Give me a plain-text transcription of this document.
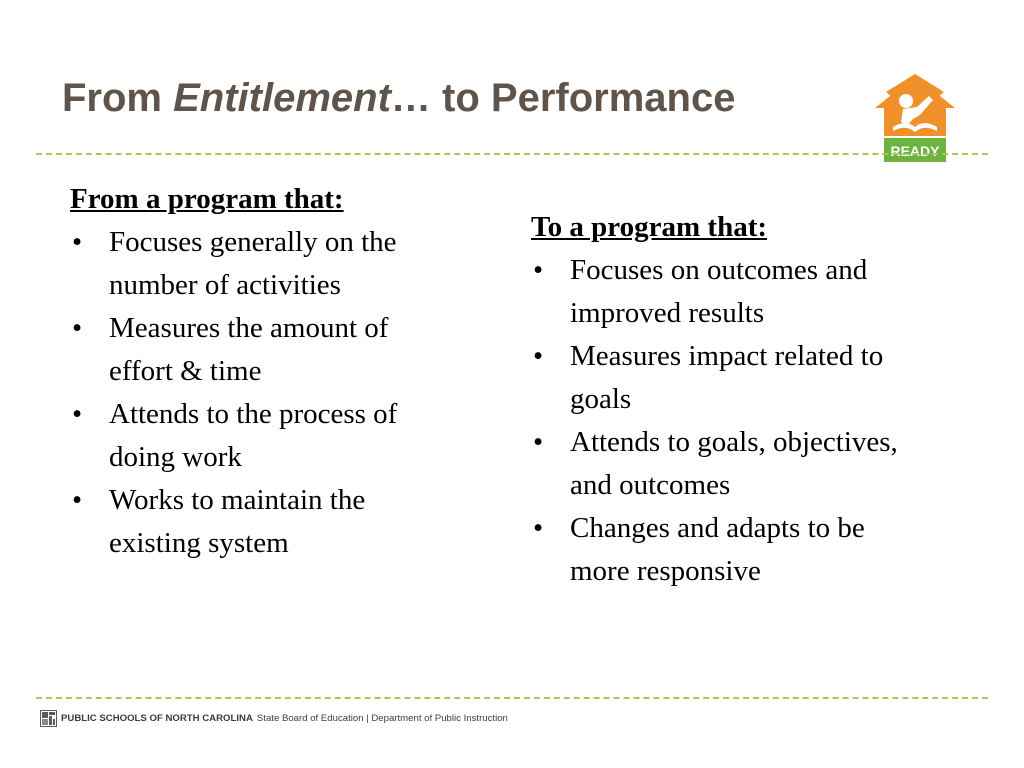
From Entitlement… to Performance
READY

From a program that:

• Focuses generally on the number of activities
• Measures the amount of effort & time
• Attends to the process of doing work
• Works to maintain the existing system

To a program that:

• Focuses on outcomes and improved results
• Measures impact related to goals
• Attends to goals, objectives, and outcomes
• Changes and adapts to be more responsive
PUBLIC SCHOOLS OF NORTH CAROLINA State Board of Education | Department of Public Instruction
